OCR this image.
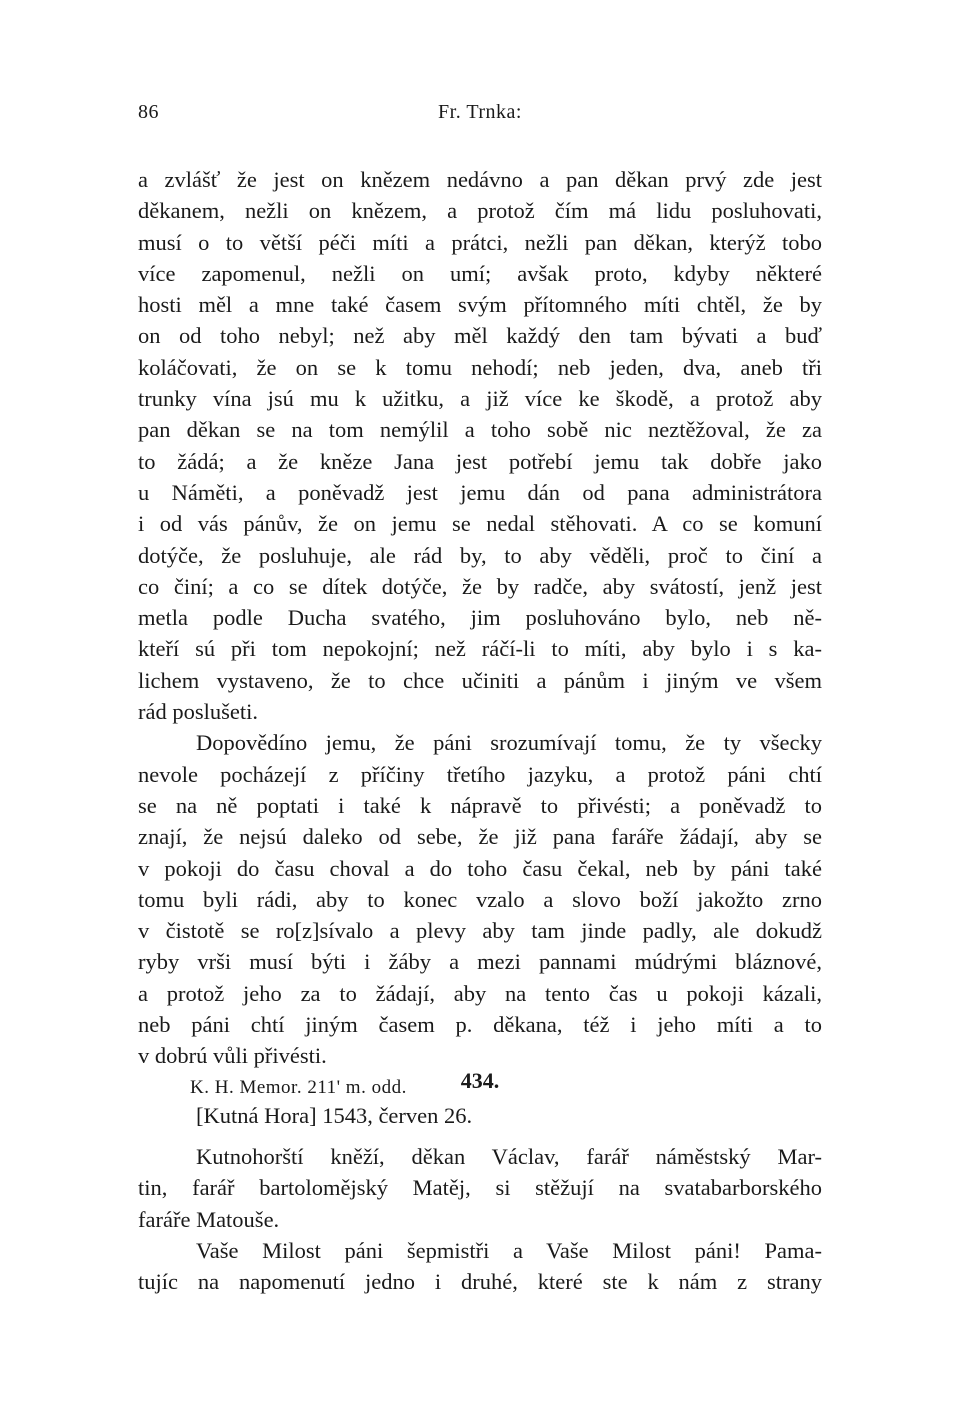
86	Fr. Trnka:
a zvlášť že jest on knězem nedávno a pan děkan prvý zde jest
děkanem, nežli on knězem, a protož čím má lidu posluhovati,
musí o to větší péči míti a prátci, nežli pan děkan, kterýž tobo
více zapomenul, nežli on umí; avšak proto, kdyby některé
hosti měl a mne také časem svým přítomného míti chtěl, že by
on od toho nebyl; než aby měl každý den tam bývati a buď
koláčovati, že on se k tomu nehodí; neb jeden, dva, aneb tři
trunky vína jsú mu k užitku, a již více ke škodě, a protož aby
pan děkan se na tom nemýlil a toho sobě nic neztěžoval, že za
to žádá; a že kněze Jana jest potřebí jemu tak dobře jako
u Náměti, a poněvadž jest jemu dán od pana administrátora
i od vás pánův, že on jemu se nedal stěhovati. A co se komuní
dotýče, že posluhuje, ale rád by, to aby věděli, proč to činí a
co činí; a co se dítek dotýče, že by radče, aby svátostí, jenž jest
metla podle Ducha svatého, jim posluhováno bylo, neb ně-
kteří sú při tom nepokojní; než ráčí-li to míti, aby bylo i s ka-
lichem vystaveno, že to chce učiniti a pánům i jiným ve všem
rád poslušeti.
Dopovědíno jemu, že páni srozumívají tomu, že ty všecky
nevole pocházejí z příčiny třetího jazyku, a protož páni chtí
se na ně poptati i také k nápravě to přivésti; a poněvadž to
znají, že nejsú daleko od sebe, že již pana faráře žádají, aby se
v pokoji do času choval a do toho času čekal, neb by páni také
tomu byli rádi, aby to konec vzalo a slovo boží jakožto zrno
v čistotě se ro[z]sívalo a plevy aby tam jinde padly, ale dokudž
ryby vrši musí býti i žáby a mezi pannami múdrými bláznové,
a protož jeho za to žádají, aby na tento čas u pokoji kázali,
neb páni chtí jiným časem p. děkana, též i jeho míti a to
v dobrú vůli přivésti.
K. H. Memor. 211' m. odd.	434.
[Kutná Hora] 1543, červen 26.
Kutnohorští kněží, děkan Václav, farář náměstský Mar-
tin, farář bartolomějský Matěj, si stěžují na svatabarborského
faráře Matouše.
Vaše Milost páni šepmistři a Vaše Milost páni! Pama-
tujíc na napomenutí jedno i druhé, které ste k nám z strany
